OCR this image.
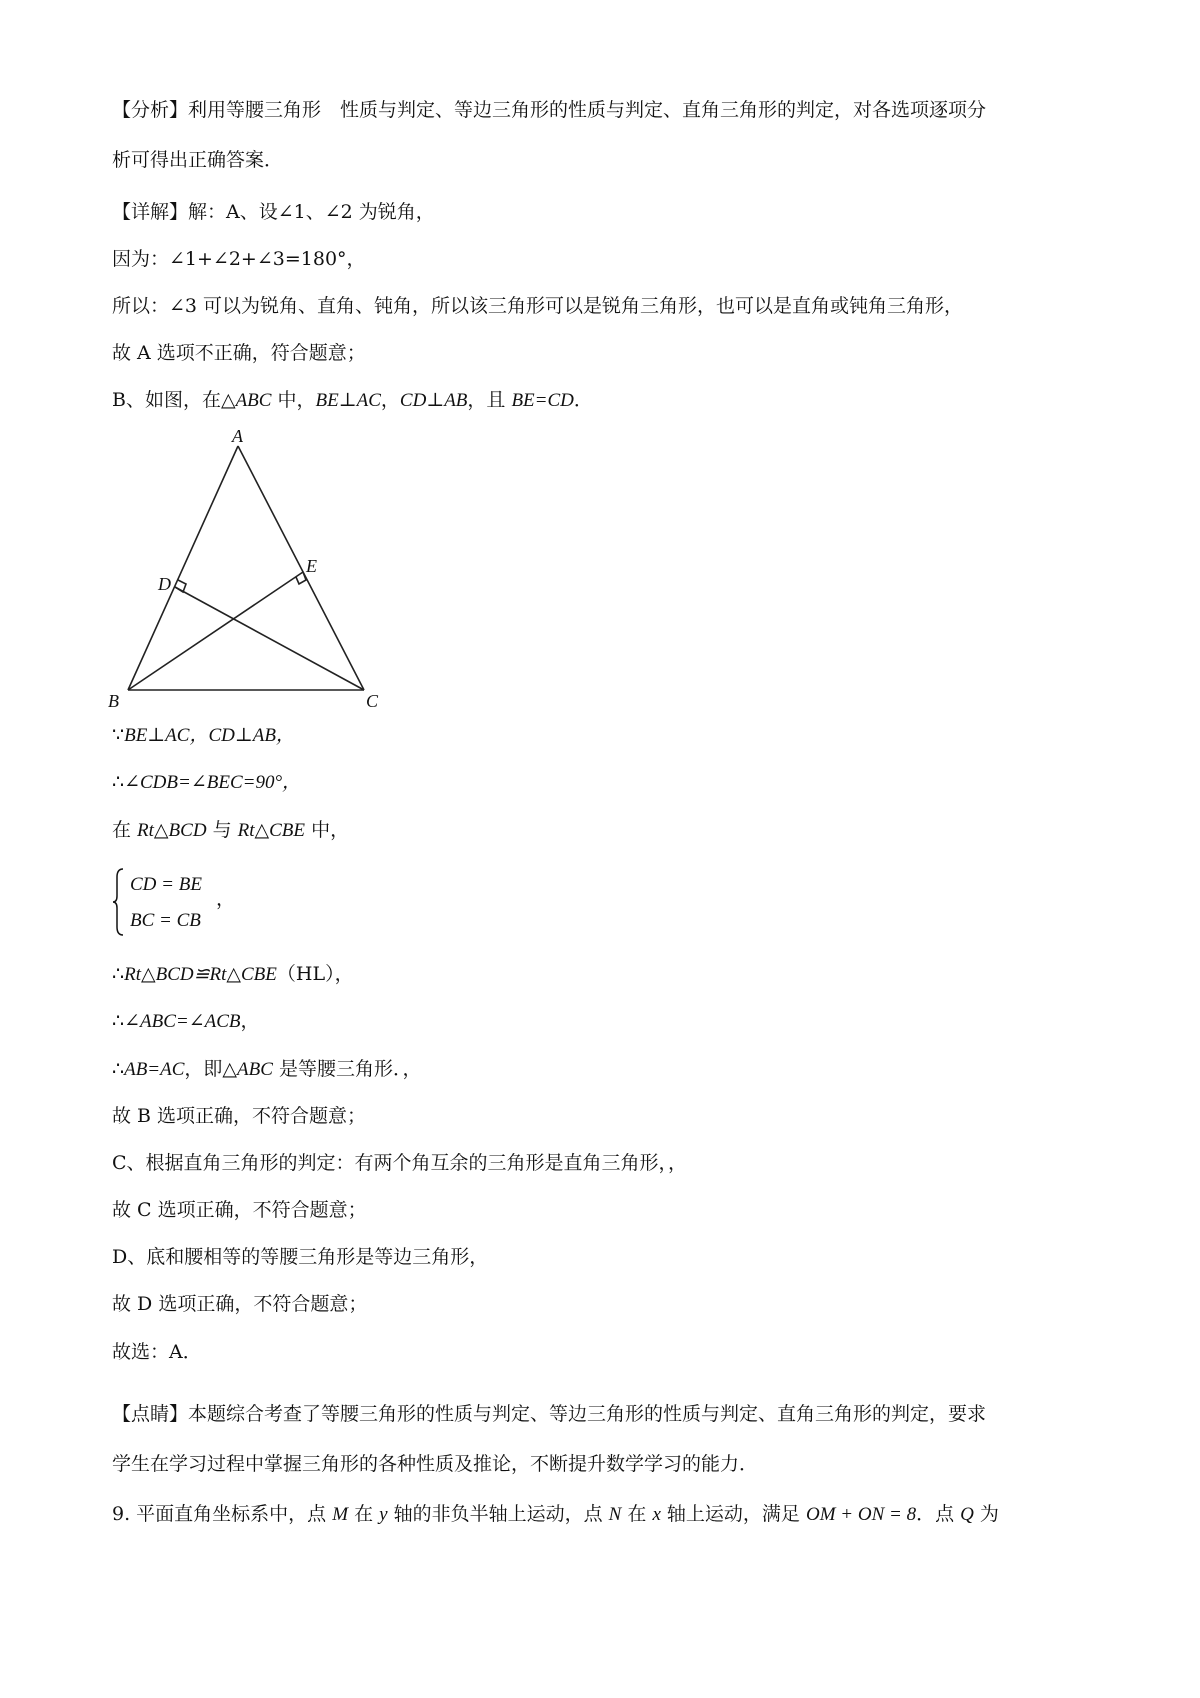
【分析】利用等腰三角形　性质与判定、等边三角形的性质与判定、直角三角形的判定，对各选项逐项分
析可得出正确答案．
【详解】解：A、设∠1、∠2 为锐角，
因为：∠1+∠2+∠3=180°，
所以：∠3 可以为锐角、直角、钝角，所以该三角形可以是锐角三角形，也可以是直角或钝角三角形，
故 A 选项不正确，符合题意；
B、如图，在△ABC 中，BE⊥AC，CD⊥AB，且 BE=CD．
A
B	C
D
E
∵BE⊥AC，CD⊥AB，
∴∠CDB=∠BEC=90°，
在 Rt△BCD 与 Rt△CBE 中，
CD = BE
BC = CB
，
∴Rt△BCD≌Rt△CBE（HL），
∴∠ABC=∠ACB，
∴AB=AC，即△ABC 是等腰三角形．，
故 B 选项正确，不符合题意；
C、根据直角三角形的判定：有两个角互余的三角形是直角三角形，，
故 C 选项正确，不符合题意；
D、底和腰相等的等腰三角形是等边三角形，
故 D 选项正确，不符合题意；
故选：A．
【点睛】本题综合考查了等腰三角形的性质与判定、等边三角形的性质与判定、直角三角形的判定，要求
学生在学习过程中掌握三角形的各种性质及推论，不断提升数学学习的能力．
9. 平面直角坐标系中，点 M 在 y 轴的非负半轴上运动，点 N 在 x 轴上运动，满足 OM + ON = 8．点 Q 为
